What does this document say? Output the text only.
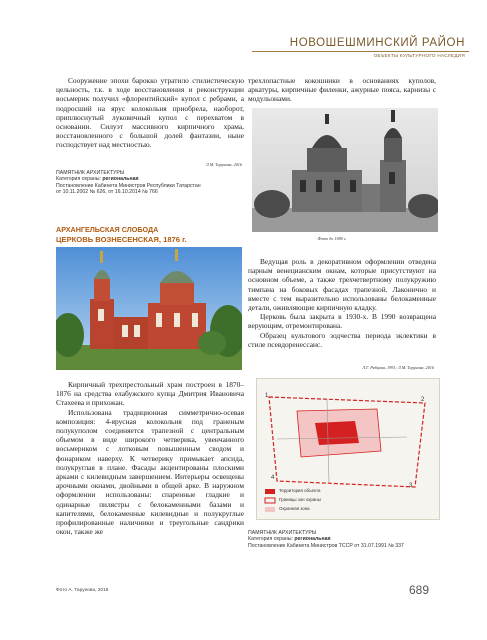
НОВОШЕШМИНСКИЙ РАЙОН
ОБЪЕКТЫ КУЛЬТУРНОГО НАСЛЕДИЯ

Сооружение эпохи барокко утратило стилистическую цельность, т.к. в ходе восстановления и реконструкции восьмерик получил «флорентийский» купол с ребрами, а подросший на ярус колокольня приобрела, наоборот, приплюснутый луковичный купол с перехватом в основании. Силуэт массивного кирпичного храма, восстановленного с большой долей фантазии, ныне господствует над местностью.

Л.М. Тарунова, 2016
ПАМЯТНИК АРХИТЕКТУРЫ
Категория охраны: региональная
Постановление Кабинета Министров Республики Татарстан
от 10.11.2002 № 626, от 16.10.2014 № 766

трехлопастные кокошники в основаниях куполов, аркатуры, кирпичные филенки, ажурные пояса, карнизы с модульонами.

Фото до 1980 г.
АРХАНГЕЛЬСКАЯ СЛОБОДА
ЦЕРКОВЬ ВОЗНЕСЕНСКАЯ, 1876 г.

Ведущая роль в декоративном оформлении отведена парным венецианским окнам, которые присутствуют на основном объеме, а также трехчетвертному полукружию тимпана на боковых фасадах трапезной. Лаконично и вместе с тем выразительно использованы белокаменные детали, оживляющие кирпичную кладку.

Церковь была закрыта в 1930-х. В 1990 возвращена верующим, отремонтирована.

Образец культового зодчества периода эклектики в стиле псевдоренессанс.

Л.Г. Рябцова, 1991; Л.М. Тарунова, 2016

Кирпичный трехпрестольный храм построен в 1870–1876 на средства елабужского купца Дмитрия Ивановича Стахеева и прихожан.

Использована традиционная симметрично-осевая композиция: 4-ярусная колокольня под граненым полукуполом соединяется трапезной с центральным объемом в виде широкого четверика, увенчанного восьмериком с лотковым повышенным сводом и фонариком наверху. К четверику примыкает апсида, полукруглая в плане. Фасады акцентированы плоскими арками с килевидным завершением. Интерьеры освещены арочными окнами, двойными в общей арке. В наружном оформлении использованы: спаренные гладкие и одинарные пилястры с белокаменными базами и капителями, белокаменные килевидные и полукруглые профилированные наличники и треугольные сандрики окон, также же

1
2
3
4
Территория объекта
Границы зон охраны
Охранная зона
ПАМЯТНИК АРХИТЕКТУРЫ
Категория охраны: региональная
Постановление Кабинета Министров ТССР от 31.07.1991 № 337
Фото А. Тарунова, 2016	689
